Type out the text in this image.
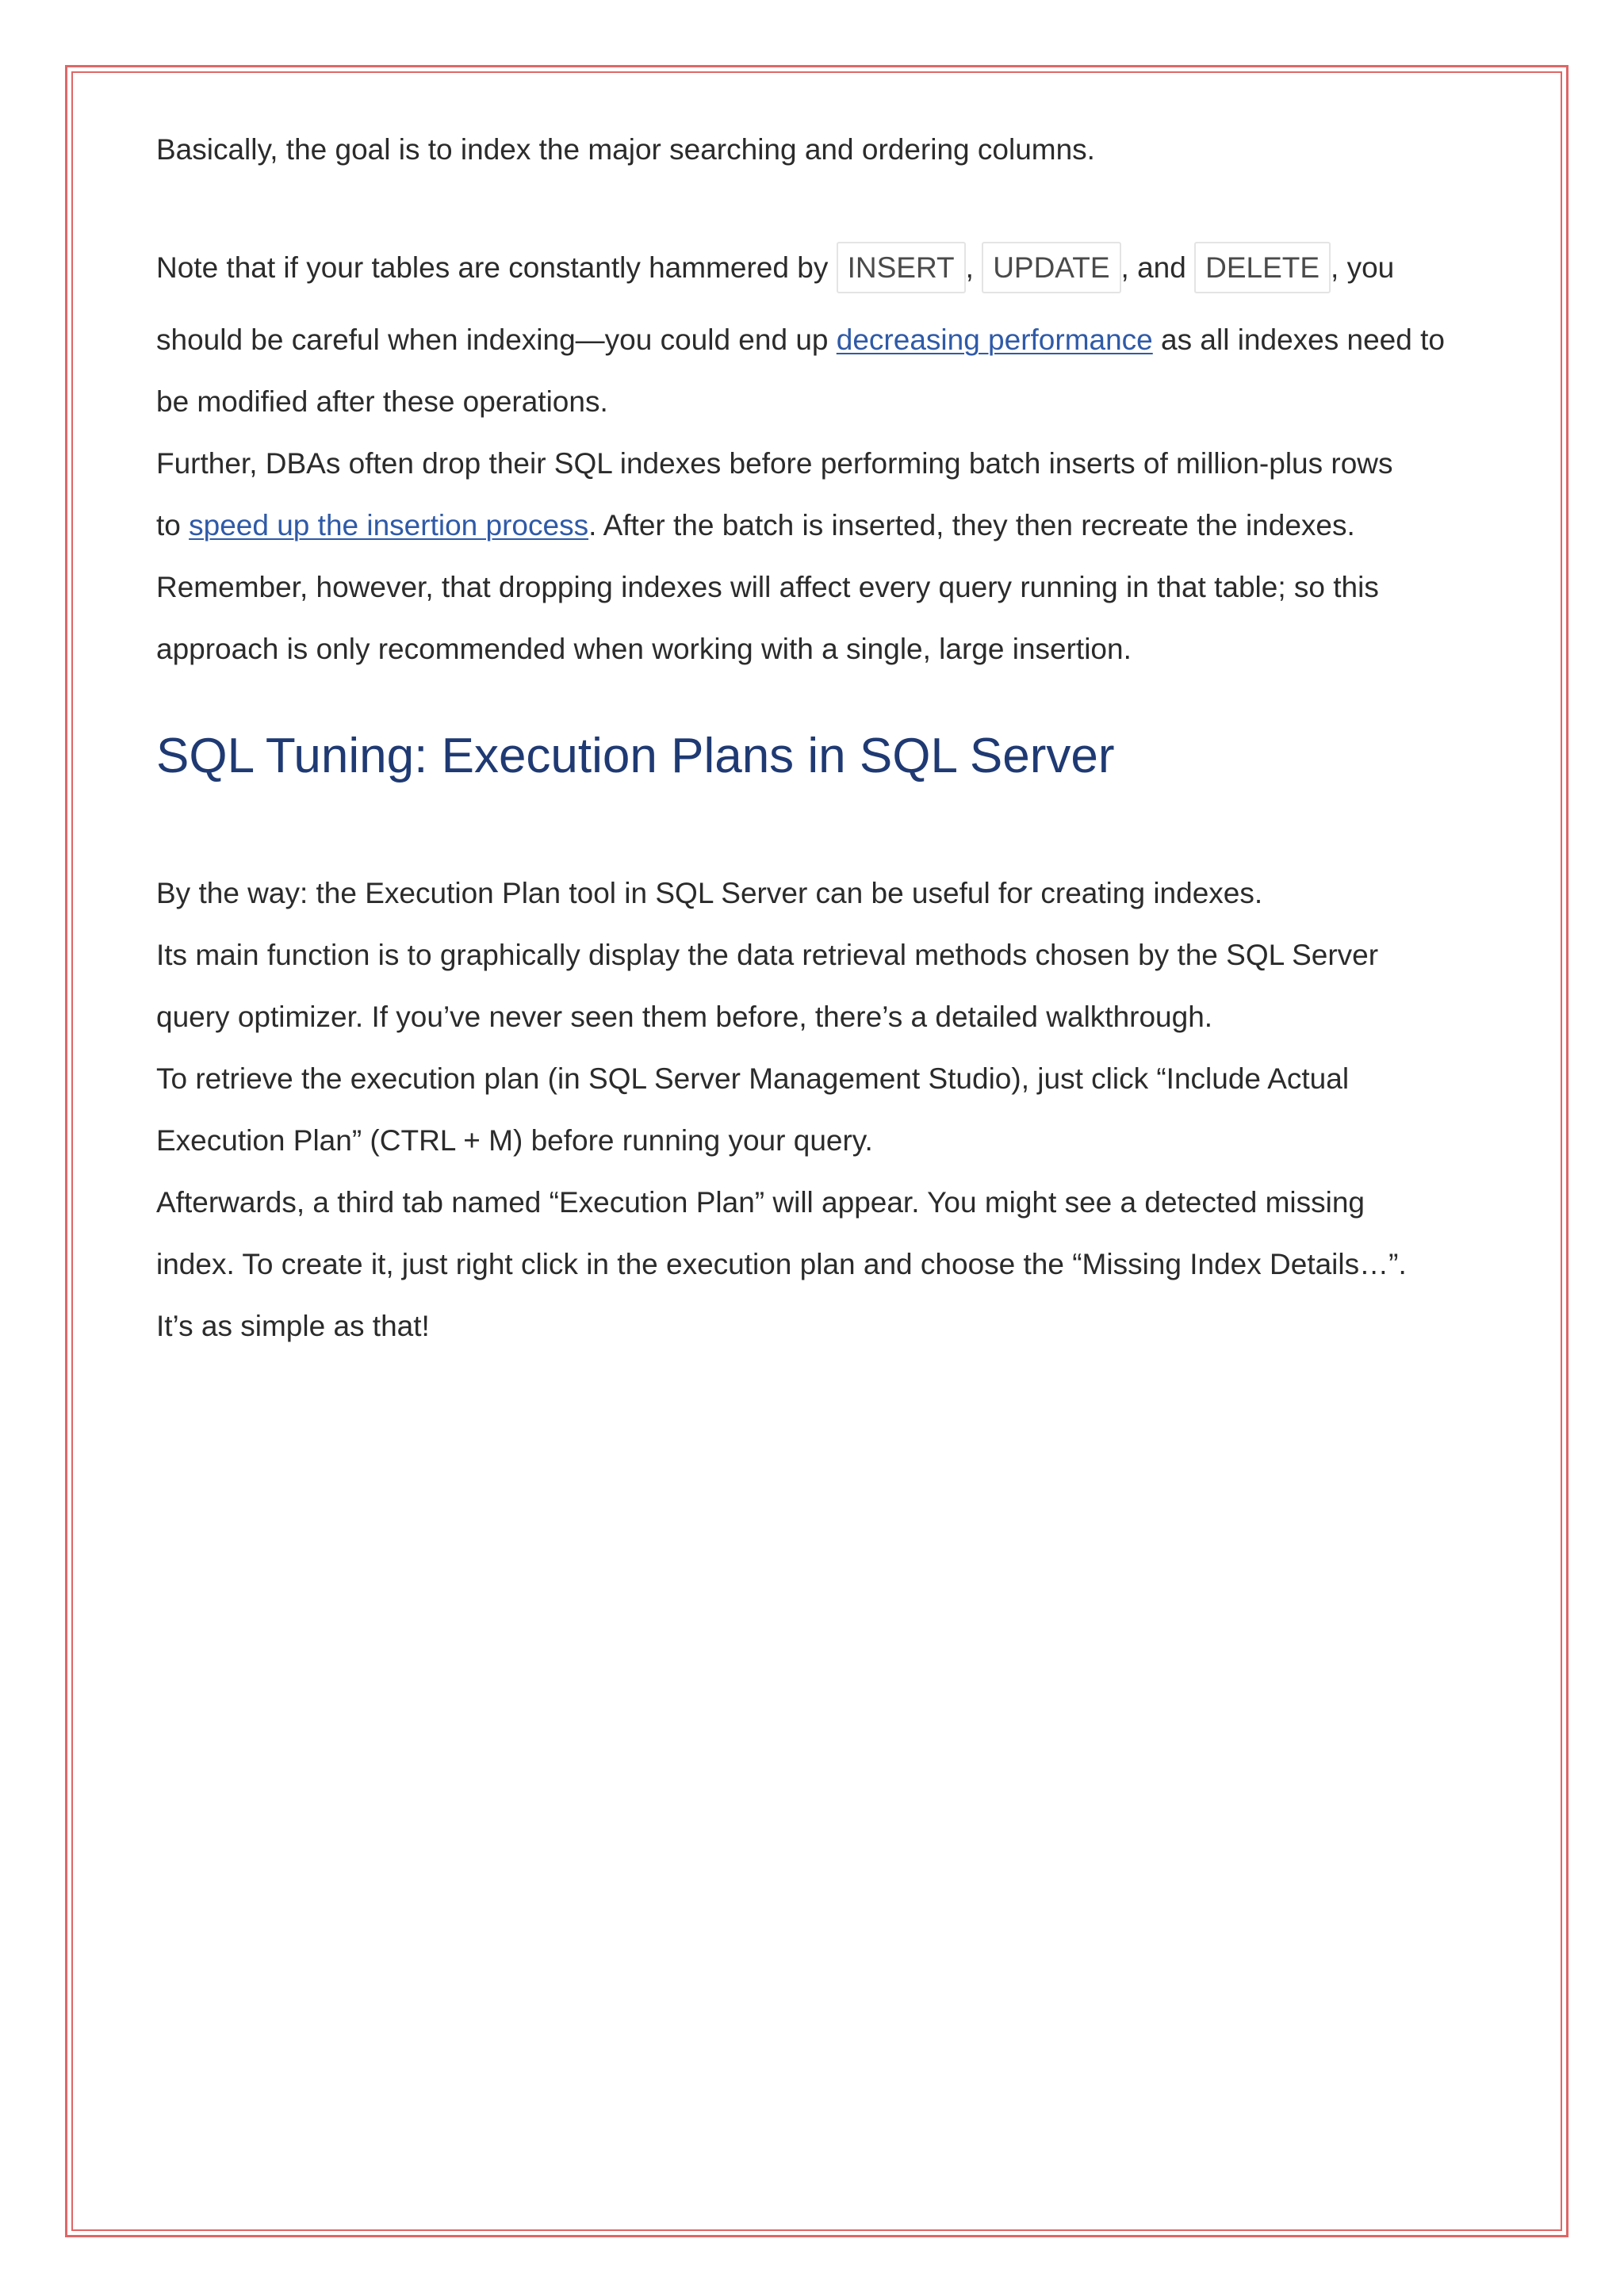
Basically, the goal is to index the major searching and ordering columns.

Note that if your tables are constantly hammered by INSERT , UPDATE , and DELETE , you
should be careful when indexing—you could end up decreasing performance as all indexes need to
be modified after these operations.

Further, DBAs often drop their SQL indexes before performing batch inserts of million-plus rows
to speed up the insertion process. After the batch is inserted, they then recreate the indexes.
Remember, however, that dropping indexes will affect every query running in that table; so this
approach is only recommended when working with a single, large insertion.

SQL Tuning: Execution Plans in SQL Server

By the way: the Execution Plan tool in SQL Server can be useful for creating indexes.
Its main function is to graphically display the data retrieval methods chosen by the SQL Server
query optimizer. If you’ve never seen them before, there’s a detailed walkthrough.
To retrieve the execution plan (in SQL Server Management Studio), just click “Include Actual
Execution Plan” (CTRL + M) before running your query.
Afterwards, a third tab named “Execution Plan” will appear. You might see a detected missing
index. To create it, just right click in the execution plan and choose the “Missing Index Details…”.
It’s as simple as that!
